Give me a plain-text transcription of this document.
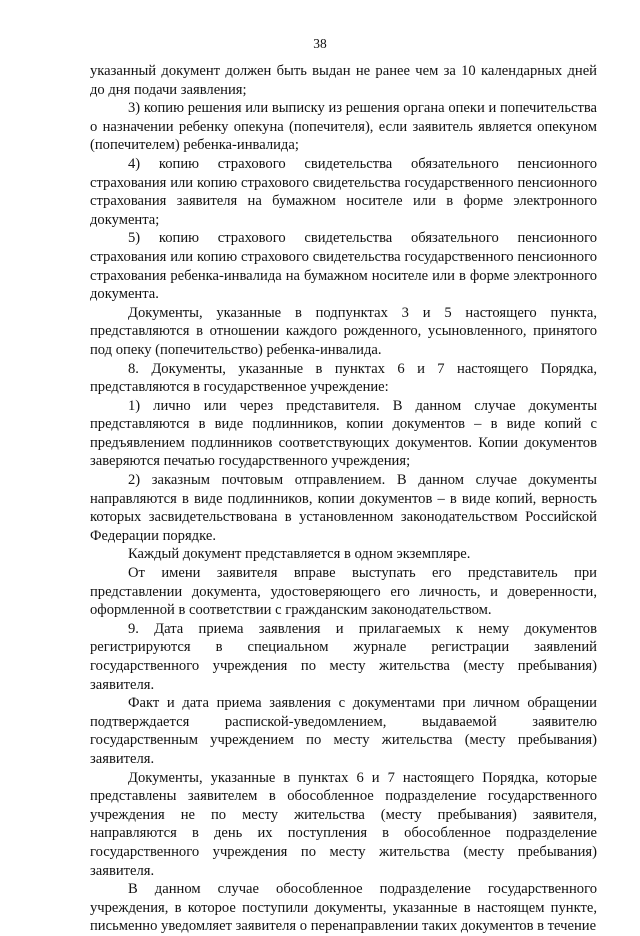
38

указанный документ должен быть выдан не ранее чем за 10 календарных дней до дня подачи заявления;

3) копию решения или выписку из решения органа опеки и попечительства о назначении ребенку опекуна (попечителя), если заявитель является опекуном (попечителем) ребенка-инвалида;

4) копию страхового свидетельства обязательного пенсионного страхования или копию страхового свидетельства государственного пенсионного страхования заявителя на бумажном носителе или в форме электронного документа;

5) копию страхового свидетельства обязательного пенсионного страхования или копию страхового свидетельства государственного пенсионного страхования ребенка-инвалида на бумажном носителе или в форме электронного документа.

Документы, указанные в подпунктах 3 и 5 настоящего пункта, представляются в отношении каждого рожденного, усыновленного, принятого под опеку (попечительство) ребенка-инвалида.

8. Документы, указанные в пунктах 6 и 7 настоящего Порядка, представляются в государственное учреждение:

1) лично или через представителя. В данном случае документы представляются в виде подлинников, копии документов – в виде копий с предъявлением подлинников соответствующих документов. Копии документов заверяются печатью государственного учреждения;

2) заказным почтовым отправлением. В данном случае документы направляются в виде подлинников, копии документов – в виде копий, верность которых засвидетельствована в установленном законодательством Российской Федерации порядке.

Каждый документ представляется в одном экземпляре.

От имени заявителя вправе выступать его представитель при представлении документа, удостоверяющего его личность, и доверенности, оформленной в соответствии с гражданским законодательством.

9. Дата приема заявления и прилагаемых к нему документов регистрируются в специальном журнале регистрации заявлений государственного учреждения по месту жительства (месту пребывания) заявителя.

Факт и дата приема заявления с документами при личном обращении подтверждается распиской-уведомлением, выдаваемой заявителю государственным учреждением по месту жительства (месту пребывания) заявителя.

Документы, указанные в пунктах 6 и 7 настоящего Порядка, которые представлены заявителем в обособленное подразделение государственного учреждения не по месту жительства (месту пребывания) заявителя, направляются в день их поступления в обособленное подразделение государственного учреждения по месту жительства (месту пребывания) заявителя.

В данном случае обособленное подразделение государственного учреждения, в которое поступили документы, указанные в настоящем пункте, письменно уведомляет заявителя о перенаправлении таких документов в течение
